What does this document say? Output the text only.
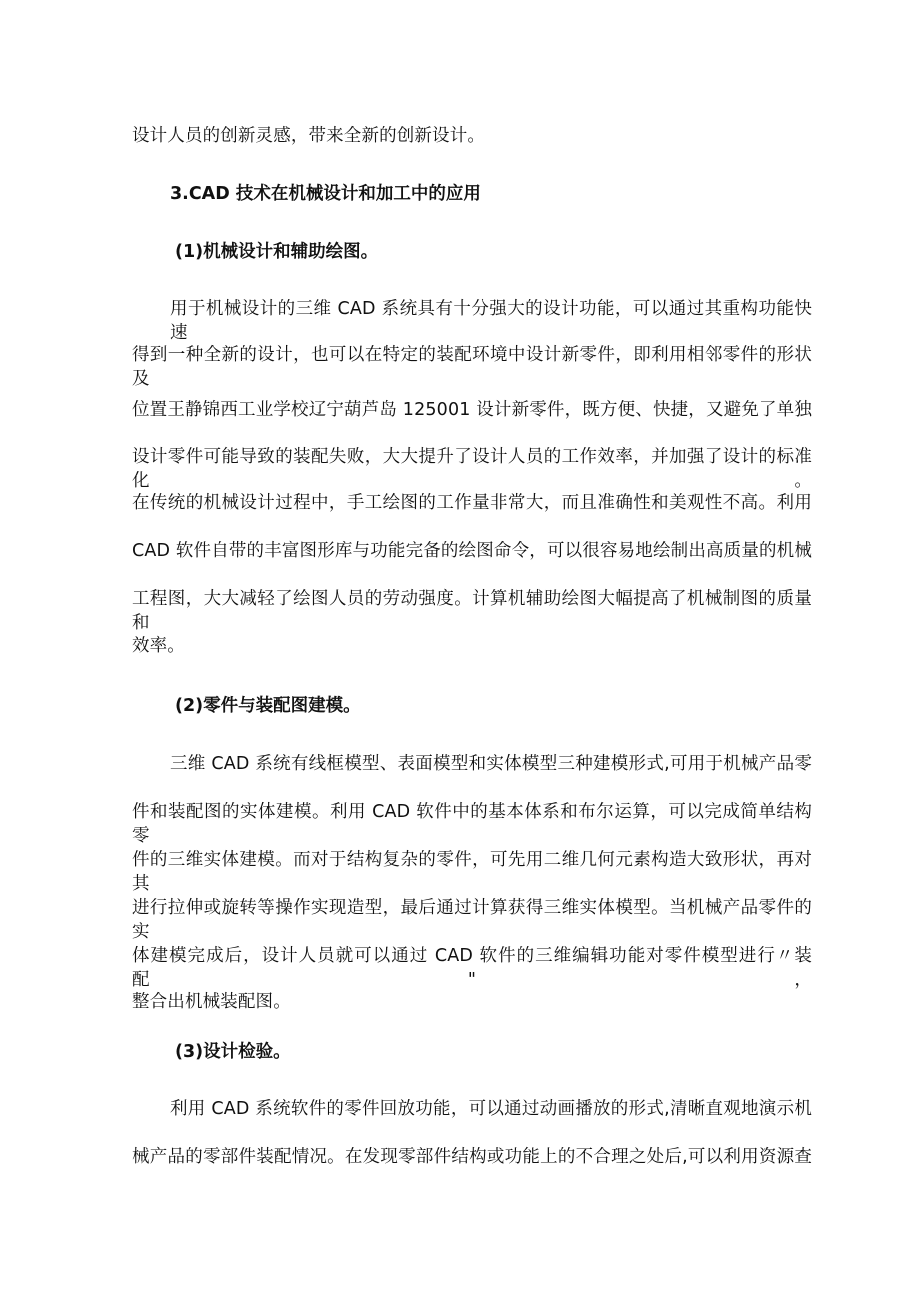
设计人员的创新灵感，带来全新的创新设计。
3.CAD 技术在机械设计和加工中的应用
(1)机械设计和辅助绘图。
用于机械设计的三维 CAD 系统具有十分强大的设计功能，可以通过其重构功能快速
得到一种全新的设计，也可以在特定的装配环境中设计新零件，即利用相邻零件的形状及
位置王静锦西工业学校辽宁葫芦岛 125001 设计新零件，既方便、快捷，又避免了单独
设计零件可能导致的装配失败，大大提升了设计人员的工作效率，并加强了设计的标准化。
在传统的机械设计过程中，手工绘图的工作量非常大，而且准确性和美观性不高。利用
CAD 软件自带的丰富图形库与功能完备的绘图命令，可以很容易地绘制出高质量的机械
工程图，大大减轻了绘图人员的劳动强度。计算机辅助绘图大幅提高了机械制图的质量和
效率。
(2)零件与装配图建模。
三维 CAD 系统有线框模型、表面模型和实体模型三种建模形式,可用于机械产品零
件和装配图的实体建模。利用 CAD 软件中的基本体系和布尔运算，可以完成简单结构零
件的三维实体建模。而对于结构复杂的零件，可先用二维几何元素构造大致形状，再对其
进行拉伸或旋转等操作实现造型，最后通过计算获得三维实体模型。当机械产品零件的实
体建模完成后，设计人员就可以通过 CAD 软件的三维编辑功能对零件模型进行〃装配"，
整合出机械装配图。
(3)设计检验。
利用 CAD 系统软件的零件回放功能，可以通过动画播放的形式,清晰直观地演示机
械产品的零部件装配情况。在发现零部件结构或功能上的不合理之处后,可以利用资源查
